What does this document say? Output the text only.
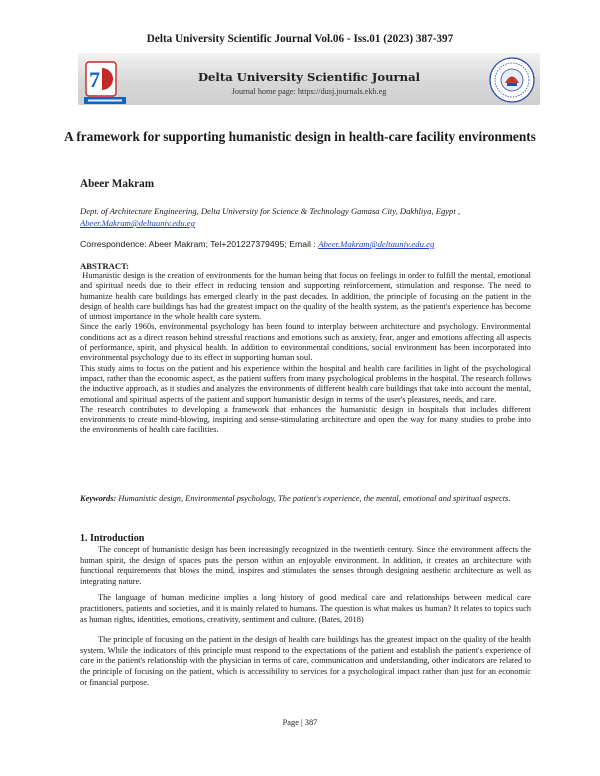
Delta University Scientific Journal Vol.06 - Iss.01 (2023) 387-397
7	Delta University Scientific Journal
Journal home page: https://dusj.journals.ekb.eg
A framework for supporting humanistic design in health-care facility environments
Abeer Makram
Dept. of Architecture Engineering, Delta University for Science & Technology Gamasa City, Dakhliya, Egypt , Abeer.Makram@deltauniv.edu.eg
Correspondence: Abeer Makram; Tel+201227379495; Email : Abeer.Makram@deltauniv.edu.eg
ABSTRACT:

Humanistic design is the creation of environments for the human being that focus on feelings in order to fulfill the mental, emotional and spiritual needs due to their effect in reducing tension and supporting reinforcement, stimulation and response. The need to humanize health care buildings has emerged clearly in the past decades. In addition, the principle of focusing on the patient in the design of health care buildings has had the greatest impact on the quality of the health system, as the patient's experience has become of utmost importance in the whole health care system.

Since the early 1960s, environmental psychology has been found to interplay between architecture and psychology. Environmental conditions act as a direct reason behind stressful reactions and emotions such as anxiety, fear, anger and emotions affecting all aspects of performance, spirit, and physical health. In addition to environmental conditions, social environment has been incorporated into environmental psychology due to its effect in supporting human soul.

This study aims to focus on the patient and his experience within the hospital and health care facilities in light of the psychological impact, rather than the economic aspect, as the patient suffers from many psychological problems in the hospital. The research follows the inductive approach, as it studies and analyzes the environments of different health care buildings that take into account the mental, emotional and spiritual aspects of the patient and support humanistic design in terms of the user's pleasures, needs, and care.

The research contributes to developing a framework that enhances the humanistic design in hospitals that includes different environments to create mind-blowing, inspiring and sense-stimulating architecture and open the way for many studies to probe into the environments of health care facilities.

Keywords: Humanistic design, Environmental psychology, The patient's experience, the mental, emotional and spiritual aspects.
1. Introduction

The concept of humanistic design has been increasingly recognized in the twentieth century. Since the environment affects the human spirit, the design of spaces puts the person within an enjoyable environment. In addition, it creates an architecture with functional requirements that blows the mind, inspires and stimulates the senses through designing aesthetic architecture as well as integrating nature.

The language of human medicine implies a long history of good medical care and relationships between medical care practitioners, patients and societies, and it is mainly related to humans. The question is what makes us human? It relates to topics such as human rights, identities, emotions, creativity, sentiment and culture. (Bates, 2018)

The principle of focusing on the patient in the design of health care buildings has the greatest impact on the quality of the health system. While the indicators of this principle must respond to the expectations of the patient and establish the patient's experience of care in the patient's relationship with the physician in terms of care, communication and understanding, other indicators are related to the principle of focusing on the patient, which is accessibility to services for a psychological impact rather than just for an economic or financial purpose.

Page | 387
